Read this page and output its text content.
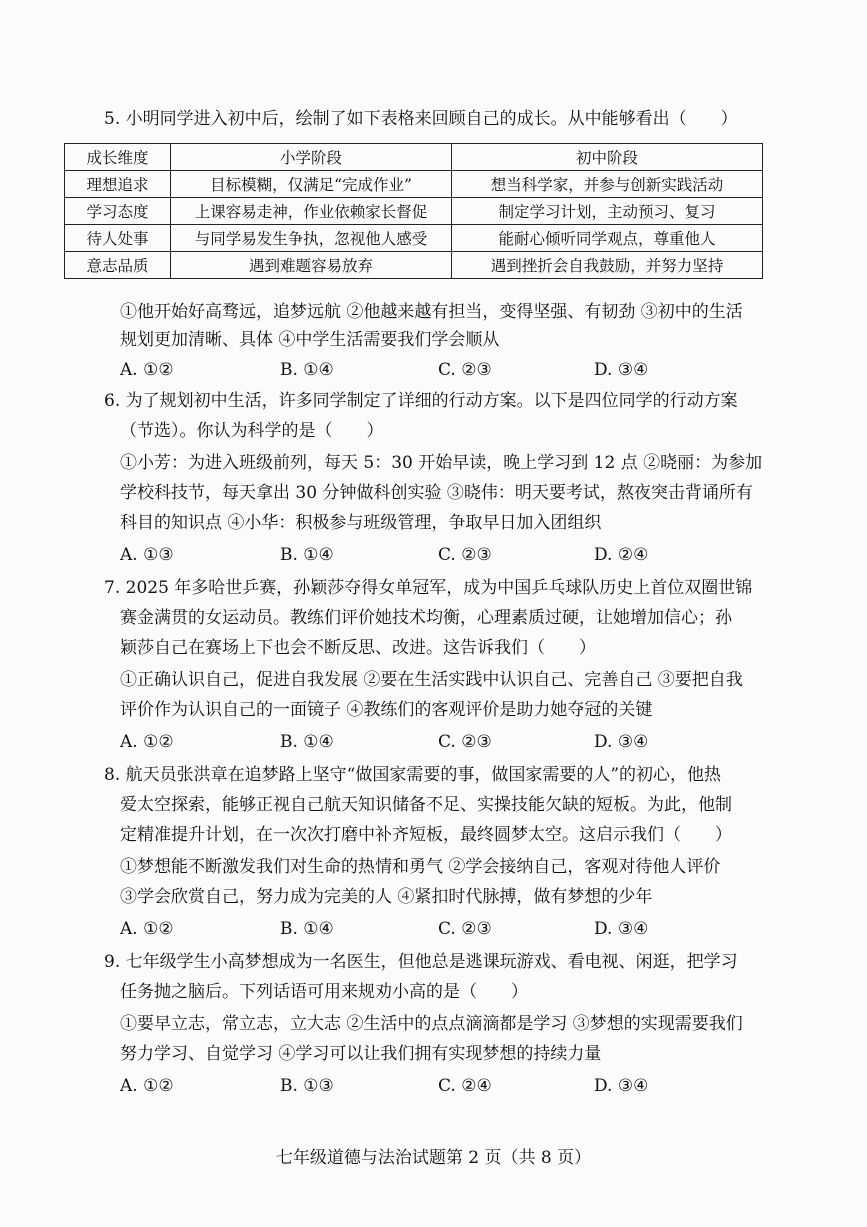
5. 小明同学进入初中后，绘制了如下表格来回顾自己的成长。从中能够看出（　　）
成长维度	小学阶段	初中阶段
理想追求	目标模糊，仅满足“完成作业”	想当科学家，并参与创新实践活动
学习态度	上课容易走神，作业依赖家长督促	制定学习计划，主动预习、复习
待人处事	与同学易发生争执，忽视他人感受	能耐心倾听同学观点，尊重他人
意志品质	遇到难题容易放弃	遇到挫折会自我鼓励，并努力坚持
①他开始好高骛远，追梦远航 ②他越来越有担当，变得坚强、有韧劲 ③初中的生活
规划更加清晰、具体 ④中学生活需要我们学会顺从
A. ①②	B. ①④	C. ②③	D. ③④
6. 为了规划初中生活，许多同学制定了详细的行动方案。以下是四位同学的行动方案
（节选）。你认为科学的是（　　）
①小芳：为进入班级前列，每天 5：30 开始早读，晚上学习到 12 点 ②晓丽：为参加
学校科技节，每天拿出 30 分钟做科创实验 ③晓伟：明天要考试，熬夜突击背诵所有
科目的知识点 ④小华：积极参与班级管理，争取早日加入团组织
A. ①③	B. ①④	C. ②③	D. ②④
7. 2025 年多哈世乒赛，孙颖莎夺得女单冠军，成为中国乒乓球队历史上首位双圈世锦
赛金满贯的女运动员。教练们评价她技术均衡，心理素质过硬，让她增加信心；孙
颖莎自己在赛场上下也会不断反思、改进。这告诉我们（　　）
①正确认识自己，促进自我发展 ②要在生活实践中认识自己、完善自己 ③要把自我
评价作为认识自己的一面镜子 ④教练们的客观评价是助力她夺冠的关键
A. ①②	B. ①④	C. ②③	D. ③④
8. 航天员张洪章在追梦路上坚守“做国家需要的事，做国家需要的人”的初心，他热
爱太空探索，能够正视自己航天知识储备不足、实操技能欠缺的短板。为此，他制
定精准提升计划，在一次次打磨中补齐短板，最终圆梦太空。这启示我们（　　）
①梦想能不断激发我们对生命的热情和勇气 ②学会接纳自己，客观对待他人评价
③学会欣赏自己，努力成为完美的人 ④紧扣时代脉搏，做有梦想的少年
A. ①②	B. ①④	C. ②③	D. ③④
9. 七年级学生小高梦想成为一名医生，但他总是逃课玩游戏、看电视、闲逛，把学习
任务抛之脑后。下列话语可用来规劝小高的是（　　）
①要早立志，常立志，立大志 ②生活中的点点滴滴都是学习 ③梦想的实现需要我们
努力学习、自觉学习 ④学习可以让我们拥有实现梦想的持续力量
A. ①②	B. ①③	C. ②④	D. ③④
七年级道德与法治试题第 2 页（共 8 页）
